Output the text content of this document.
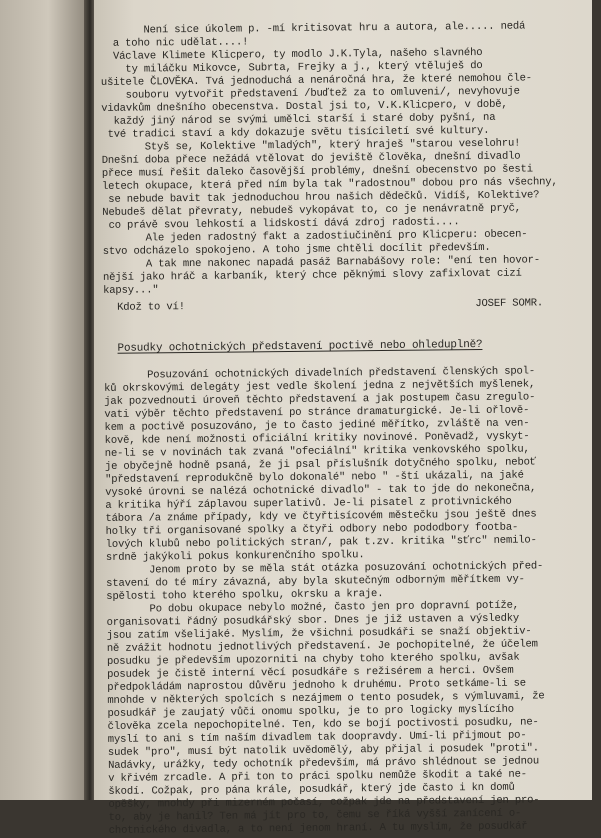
Není sice úkolem p. -mí kritisovat hru a autora, ale..... nedá
a toho nic udělat....!
Václave Klimete Klicpero, ty modlo J.K.Tyla, našeho slavného
ty miláčku Mikovce, Subrta, Frejky a j., který vtěluješ do
ušitele ČLOVĚKA. Tvá jednoduchá a nenáročná hra, že které nemohou čle-
souboru vytvořit představení /buďtež za to omluveni/, nevyhovuje
vidavkům dnešního obecenstva. Dostal jsi to, V.K.Klicpero, v době,
každý jiný národ se svými umělci starší i staré doby pyšní, na
tvé tradici staví a kdy dokazuje světu tisíciletí své kultury.
Styš se, Kolektive "mladých", který hraješ "starou veselohru!
Dnešní doba přece nežádá vtělovat do jeviště člověka, dnešní divadlo
přece musí řešit daleko časovější problémy, dnešní obecenstvo po šesti
letech okupace, která před ním byla tak "radostnou" dobou pro nás všechny,
se nebude bavit tak jednoduchou hrou našich dědečků. Vidíš, Kolektive?
Nebudeš dělat převraty, nebudeš vykopávat to, co je nenávratně pryč,
co právě svou lehkostí a lidskostí dává zdroj radosti....
Ale jeden radostný fakt a zadostiučinění pro Klicperu: obecen-
stvo odcházelo spokojeno. A toho jsme chtěli docílit především.
A tak mne nakonec napadá pasáž Barnabášovy role: "ení ten hovor-
nější jako hráč a karbaník, který chce pěknými slovy zafixlovat cizí
kapsy..."
Kdož to ví!	JOSEF SOMR.
Posudky ochotnických představení poctivě nebo ohleduplně?
Posuzování ochotnických divadelních představení členských spol-
ků okrskovými delegáty jest vedle školení jedna z největších myšlenek,
jak pozvednouti úroveň těchto představení a jak postupem času zregulo-
vati výběr těchto představení po stránce dramaturgické. Je-li ořlově-
kem a poctivě posuzováno, je to často jediné měřítko, zvláště na ven-
kově, kde není možnosti oficiální kritiky novinové. Poněvadž, vyskyt-
ne-li se v novinách tak zvaná "ofeciální" kritika venkovského spolku,
je obyčejně hodně psaná, že ji psal příslušník dotyčného spolku, neboť
"představení reprodukčně bylo dokonalé" nebo " -ští ukázali, na jaké
vysoké úrovni se nalézá ochotnické divadlo" - tak to jde do nekonečna,
a kritika hýří záplavou superlativů. Je-li pisatel z protivnického
tábora /a známe případy, kdy ve čtyřtisícovém městečku jsou ještě dnes
holky tři organisované spolky a čtyři odbory nebo pododbory footba-
lových klubů nebo politických stran/, pak t.zv. kritika "sťrc" nemilo-
srdně jakýkoli pokus konkurenčního spolku.
Jenom proto by se měla stát otázka posuzování ochotnických před-
stavení do té míry závazná, aby byla skutečným odborným měřítkem vy-
spělosti toho kterého spolku, okrsku a kraje.
Po dobu okupace nebylo možné, často jen pro dopravní potíže,
organisovati řádný posudkářský sbor. Dnes je již ustaven a výsledky
jsou zatím všelijaké. Myslím, že všichni posudkáři se snaží objektiv-
ně zvážit hodnotu jednotlivých představení. Je pochopitelné, že účelem
posudku je především upozorniti na chyby toho kterého spolku, avšak
posudek je čistě interní věcí posudkáře s režisérem a herci. Ovšem
předpokládám naprostou důvěru jednoho k druhému. Proto setkáme-li se
mnohde v některých spolcích s nezájmem o tento posudek, s výmluvami, že
posudkář je zaujatý vůči onomu spolku, je to pro logicky myslícího
člověka zcela nepochopitelné. Ten, kdo se bojí poctivosti posudku, ne-
myslí to ani s tím naším divadlem tak doopravdy. Umí-li přijmout po-
sudek "pro", musí být natolik uvědomělý, aby přijal i posudek "proti".
Nadávky, urážky, tedy ochotník především, má právo shlédnout se jednou
v křivém zrcadle. A při ton to práci spolku nemůže škodit a také ne-
škodí. Cožpak, pro pána krále, posudkář, který jde často i kn domů
opěšky, mnohdy při mizerném počasí, cožpak jde na představení jen pro-
to, aby je hanil? Ten má jít pro to, čemu se říká vyšší zanícení o-
chotnického divadla, a to není jenom hraní. A tu myslím, že posudkář
